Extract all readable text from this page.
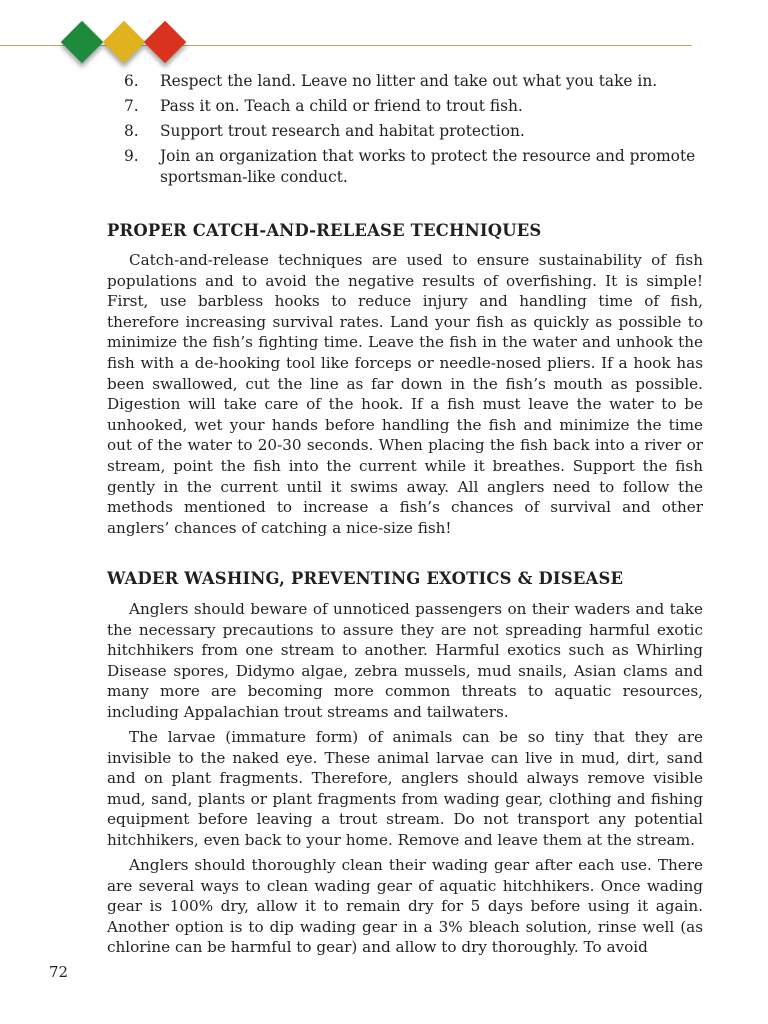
6. Respect the land. Leave no litter and take out what you take in.
7. Pass it on. Teach a child or friend to trout fish.
8. Support trout research and habitat protection.
9. Join an organization that works to protect the resource and promote sportsman-like conduct.
PROPER CATCH-AND-RELEASE TECHNIQUES

Catch-and-release techniques are used to ensure sustainability of fish populations and to avoid the negative results of overfishing. It is simple! First, use barbless hooks to reduce injury and handling time of fish, therefore increasing survival rates. Land your fish as quickly as possible to minimize the fish’s fighting time. Leave the fish in the water and unhook the fish with a de-hooking tool like forceps or needle-nosed pliers. If a hook has been swallowed, cut the line as far down in the fish’s mouth as possible. Digestion will take care of the hook. If a fish must leave the water to be unhooked, wet your hands before handling the fish and minimize the time out of the water to 20-30 seconds. When placing the fish back into a river or stream, point the fish into the current while it breathes. Support the fish gently in the current until it swims away. All anglers need to follow the methods mentioned to increase a fish’s chances of survival and other anglers’ chances of catching a nice-size fish!

WADER WASHING, PREVENTING EXOTICS & DISEASE

Anglers should beware of unnoticed passengers on their waders and take the necessary precautions to assure they are not spreading harmful exotic hitchhikers from one stream to another. Harmful exotics such as Whirling Disease spores, Didymo algae, zebra mussels, mud snails, Asian clams and many more are becoming more common threats to aquatic resources, including Appalachian trout streams and tailwaters.

The larvae (immature form) of animals can be so tiny that they are invisible to the naked eye. These animal larvae can live in mud, dirt, sand and on plant fragments. Therefore, anglers should always remove visible mud, sand, plants or plant fragments from wading gear, clothing and fishing equipment before leaving a trout stream. Do not transport any potential hitchhikers, even back to your home. Remove and leave them at the stream.

Anglers should thoroughly clean their wading gear after each use. There are several ways to clean wading gear of aquatic hitchhikers. Once wading gear is 100% dry, allow it to remain dry for 5 days before using it again. Another option is to dip wading gear in a 3% bleach solution, rinse well (as chlorine can be harmful to gear) and allow to dry thoroughly. To avoid

72
